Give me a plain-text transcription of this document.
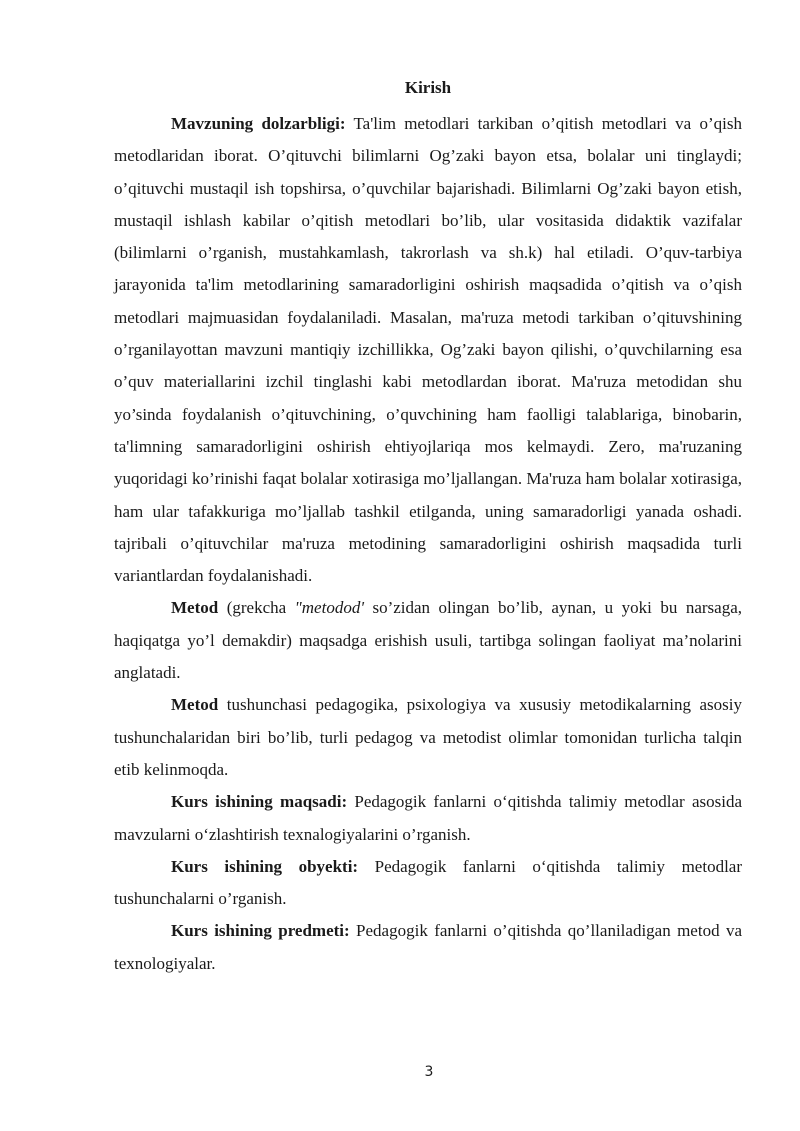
Kirish

Mavzuning dolzarbligi: Ta'lim metodlari tarkiban o’qitish metodlari va o’qish metodlaridan iborat. O’qituvchi bilimlarni Og’zaki bayon etsa, bolalar uni tinglaydi; o’qituvchi mustaqil ish topshirsa, o’quvchilar bajarishadi. Bilimlarni Og’zaki bayon etish, mustaqil ishlash kabilar o’qitish metodlari bo’lib, ular vositasida didaktik vazifalar (bilimlarni o’rganish, mustahkamlash, takrorlash va sh.k) hal etiladi. O’quv-tarbiya jarayonida ta'lim metodlarining samaradorligini oshirish maqsadida o’qitish va o’qish metodlari majmuasidan foydalaniladi. Masalan, ma'ruza metodi tarkiban o’qituvshining o’rganilayottan mavzuni mantiqiy izchillikka, Og’zaki bayon qilishi, o’quvchilarning esa o’quv materiallarini izchil tinglashi kabi metodlardan iborat. Ma'ruza metodidan shu yo’sinda foydalanish o’qituvchining, o’quvchining ham faolligi talablariga, binobarin, ta'limning samaradorligini oshirish ehtiyojlariqa mos kelmaydi. Zero, ma'ruzaning yuqoridagi ko’rinishi faqat bolalar xotirasiga mo’ljallangan. Ma'ruza ham bolalar xotirasiga, ham ular tafakkuriga mo’ljallab tashkil etilganda, uning samaradorligi yanada oshadi. tajribali o’qituvchilar ma'ruza metodining samaradorligini oshirish maqsadida turli variantlardan foydalanishadi.

Metod (grekcha "metodod' so’zidan olingan bo’lib, aynan, u yoki bu narsaga, haqiqatga yo’l demakdir) maqsadga erishish usuli, tartibga solingan faoliyat ma’nolarini anglatadi.

Metod tushunchasi pedagogika, psixologiya va xususiy metodikalarning asosiy tushunchalaridan biri bo’lib, turli pedagog va metodist olimlar tomonidan turlicha talqin etib kelinmoqda.

Kurs ishining maqsadi: Pedagogik fanlarni o‘qitishda talimiy metodlar asosida mavzularni o‘zlashtirish texnalogiyalarini o’rganish.

Kurs ishining obyekti: Pedagogik fanlarni o‘qitishda talimiy metodlar tushunchalarni o’rganish.

Kurs ishining predmeti: Pedagogik fanlarni o’qitishda qo’llaniladigan metod va texnologiyalar.

3
